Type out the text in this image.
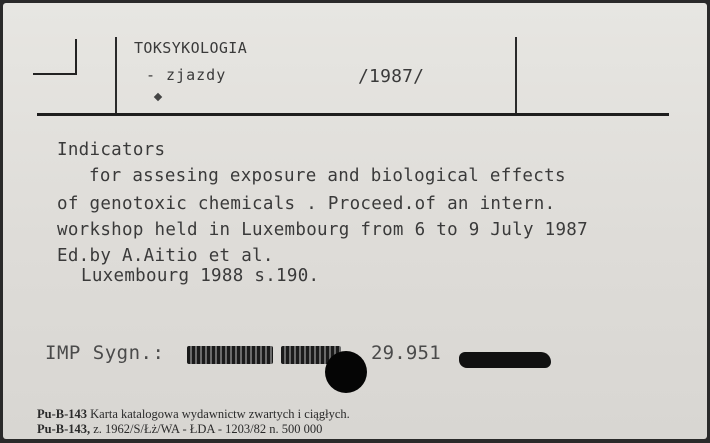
TOKSYKOLOGIA
- zjazdy	/1987/
Indicators
for assesing exposure and biological effects
of genotoxic chemicals . Proceed.of an intern.
workshop held in Luxembourg from 6 to 9 July 1987
Ed.by A.Aitio et al.
Luxembourg 1988 s.190.
IMP Sygn.:	29.951
Pu-B-143 Karta katalogowa wydawnictw zwartych i ciągłych.
Pu-B-143, z. 1962/S/Łż/WA - ŁDA - 1203/82 n. 500 000
